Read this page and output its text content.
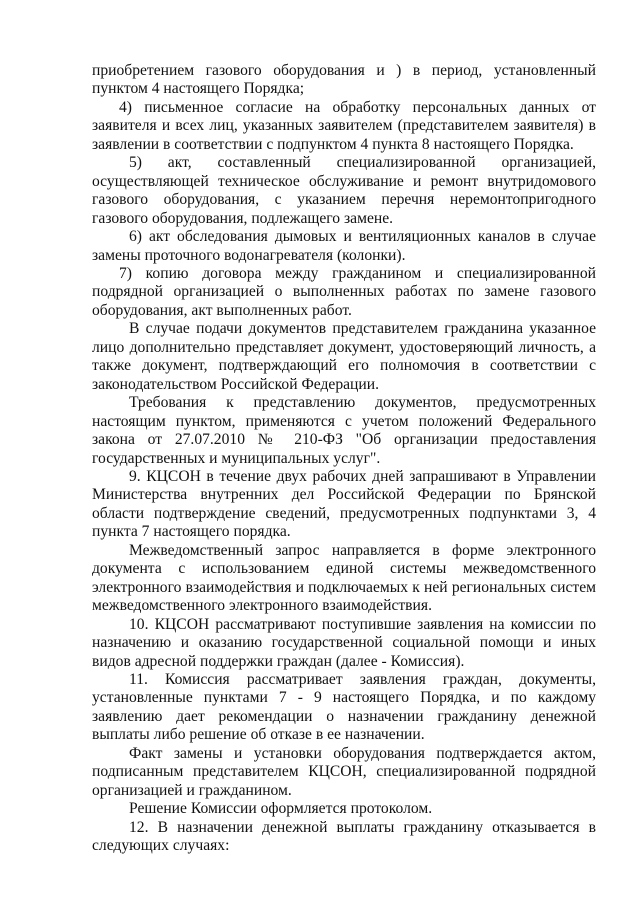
приобретением газового оборудования и ) в период, установленный пунктом 4 настоящего Порядка;

4) письменное согласие на обработку персональных данных от заявителя и всех лиц, указанных заявителем (представителем заявителя) в заявлении в соответствии с подпунктом 4 пункта 8 настоящего Порядка.

5) акт, составленный специализированной организацией, осуществляющей техническое обслуживание и ремонт внутридомового газового оборудования, с указанием перечня неремонтопригодного газового оборудования, подлежащего замене.

6) акт обследования дымовых и вентиляционных каналов в случае замены проточного водонагревателя (колонки).

7) копию договора между гражданином и специализированной подрядной организацией о выполненных работах по замене газового оборудования, акт выполненных работ.

В случае подачи документов представителем гражданина указанное лицо дополнительно представляет документ, удостоверяющий личность, а также документ, подтверждающий его полномочия в соответствии с законодательством Российской Федерации.

Требования к представлению документов, предусмотренных настоящим пунктом, применяются с учетом положений Федерального закона от 27.07.2010 № 210-ФЗ "Об организации предоставления государственных и муниципальных услуг".

9. КЦСОН в течение двух рабочих дней запрашивают в Управлении Министерства внутренних дел Российской Федерации по Брянской области подтверждение сведений, предусмотренных подпунктами 3, 4 пункта 7 настоящего порядка.

Межведомственный запрос направляется в форме электронного документа с использованием единой системы межведомственного электронного взаимодействия и подключаемых к ней региональных систем межведомственного электронного взаимодействия.

10. КЦСОН рассматривают поступившие заявления на комиссии по назначению и оказанию государственной социальной помощи и иных видов адресной поддержки граждан (далее - Комиссия).

11. Комиссия рассматривает заявления граждан, документы, установленные пунктами 7 - 9 настоящего Порядка, и по каждому заявлению дает рекомендации о назначении гражданину денежной выплаты либо решение об отказе в ее назначении.

Факт замены и установки оборудования подтверждается актом, подписанным представителем КЦСОН, специализированной подрядной организацией и гражданином.

Решение Комиссии оформляется протоколом.

12. В назначении денежной выплаты гражданину отказывается в следующих случаях:
